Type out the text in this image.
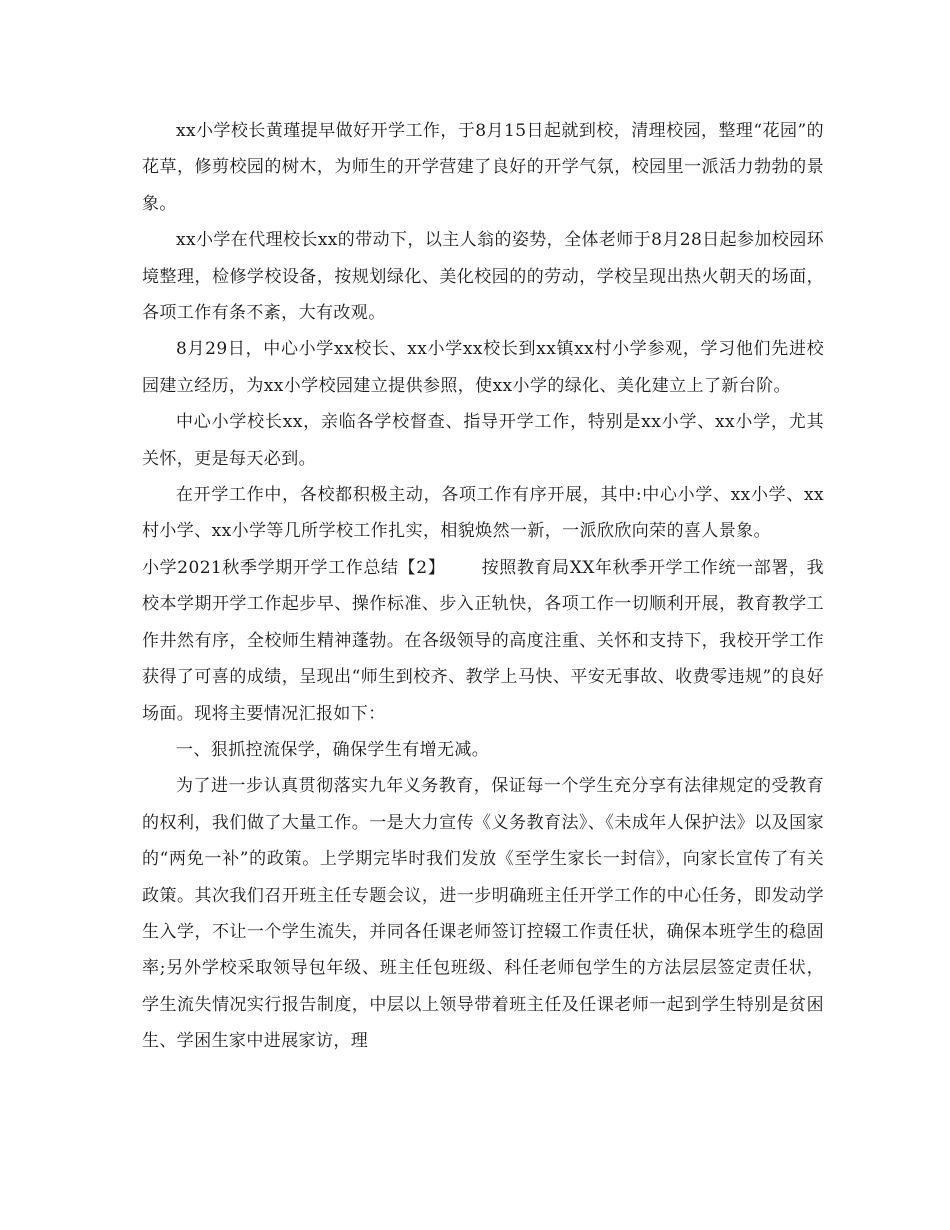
xx小学校长黄瑾提早做好开学工作，于8月15日起就到校，清理校园，整理“花园”的花草，修剪校园的树木，为师生的开学营建了良好的开学气氛，校园里一派活力勃勃的景象。

xx小学在代理校长xx的带动下，以主人翁的姿势，全体老师于8月28日起参加校园环境整理，检修学校设备，按规划绿化、美化校园的的劳动，学校呈现出热火朝天的场面，各项工作有条不紊，大有改观。

8月29日，中心小学xx校长、xx小学xx校长到xx镇xx村小学参观，学习他们先进校园建立经历，为xx小学校园建立提供参照，使xx小学的绿化、美化建立上了新台阶。

中心小学校长xx，亲临各学校督查、指导开学工作，特别是xx小学、xx小学，尤其关怀，更是每天必到。

在开学工作中，各校都积极主动，各项工作有序开展，其中:中心小学、xx小学、xx村小学、xx小学等几所学校工作扎实，相貌焕然一新，一派欣欣向荣的喜人景象。

小学2021秋季学期开学工作总结【2】 按照教育局XX年秋季开学工作统一部署，我校本学期开学工作起步早、操作标准、步入正轨快，各项工作一切顺利开展，教育教学工作井然有序，全校师生精神蓬勃。在各级领导的高度注重、关怀和支持下，我校开学工作获得了可喜的成绩，呈现出“师生到校齐、教学上马快、平安无事故、收费零违规”的良好场面。现将主要情况汇报如下：

一、狠抓控流保学，确保学生有增无减。

为了进一步认真贯彻落实九年义务教育，保证每一个学生充分享有法律规定的受教育的权利，我们做了大量工作。一是大力宣传《义务教育法》、《未成年人保护法》以及国家的“两免一补”的政策。上学期完毕时我们发放《至学生家长一封信》，向家长宣传了有关政策。其次我们召开班主任专题会议，进一步明确班主任开学工作的中心任务，即发动学生入学，不让一个学生流失，并同各任课老师签订控辍工作责任状，确保本班学生的稳固率;另外学校采取领导包年级、班主任包班级、科任老师包学生的方法层层签定责任状，学生流失情况实行报告制度，中层以上领导带着班主任及任课老师一起到学生特别是贫困生、学困生家中进展家访，理
